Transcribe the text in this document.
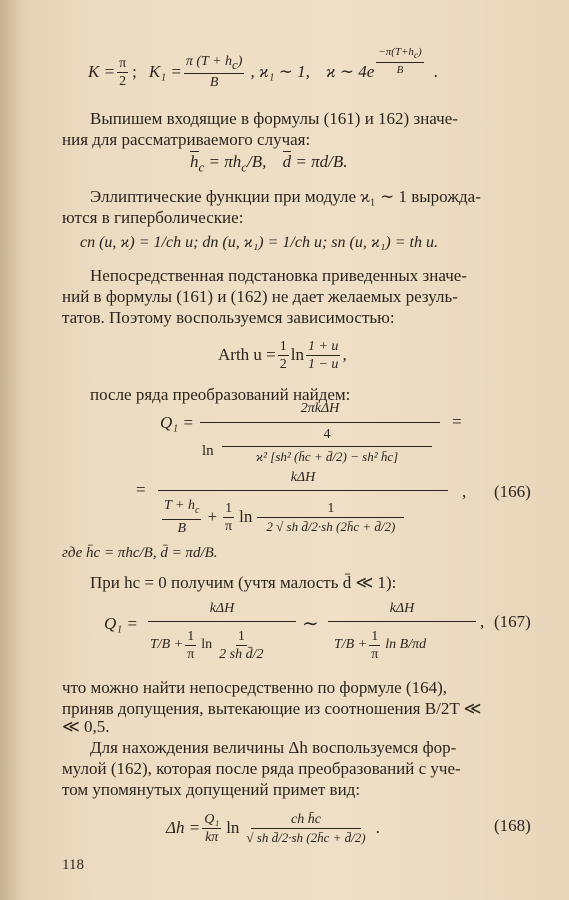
$K = \frac{\pi}{2}$ ; $K_1 = \frac{\pi (T + h_c)}{B}$ , ϰ₁ ∼ 1, ϰ ∼ $4e \frac{-\pi(T+h_c)}{B}$ .
Выпишем входящие в формулы (161) и 162) значе-
ния для рассматриваемого случая:
$h_c = \pi h_c/B$, d = πd/B.
Эллиптические функции при модуле ϰ₁ ∼ 1 вырожда-
ются в гиперболические:
cn (u, ϰ) = 1/ch u; dn (u, ϰ₁) = 1/ch u; sn (u, ϰ₁) = th u.
Непосредственная подстановка приведенных значе-
ний в формулы (161) и (162) не дает желаемых резуль-
татов. Поэтому воспользуемся зависимостью:
Arth $u = \frac{1}{2}$ $\ln \frac{1 + u}{1 - u}$ ,
после ряда преобразований найдем:
Q₁ =
2πkΔH
ln
4
ϰ² [sh² (h̄c + d̄/2) − sh² h̄c]
=
=
kΔH
$\frac{T + h_c}{B} + \frac{1}{\pi}$ $\ln \frac{1}{\text{2 √ sh d̄/2·sh (2h̄c + d̄/2)}}$
, (166)
где h̄c = πhc/B, d̄ = πd/B.
При hc = 0 получим (учтя малость d̄ ≪ 1):
Q₁ =
kΔH
$T/B + \frac{1}{\pi}$ $\ln \frac{1}{\text{2 sh d̄/2}}$
∼
kΔH
$T/B + \frac{1}{\pi}$ ln B/πd
, (167)
что можно найти непосредственно по формуле (164),
приняв допущения, вытекающие из соотношения B/2T ≪
≪ 0,5.
Для нахождения величины Δh воспользуемся фор-
мулой (162), которая после ряда преобразований с уче-
том упомянутых допущений примет вид:
$\Delta h = \frac{\text{Q₁}}{k\pi}$ $\ln \frac{\text{ch h̄c}}{\text{√ sh d̄/2·sh (2h̄c + d̄/2)}}$ .	(168)
118
